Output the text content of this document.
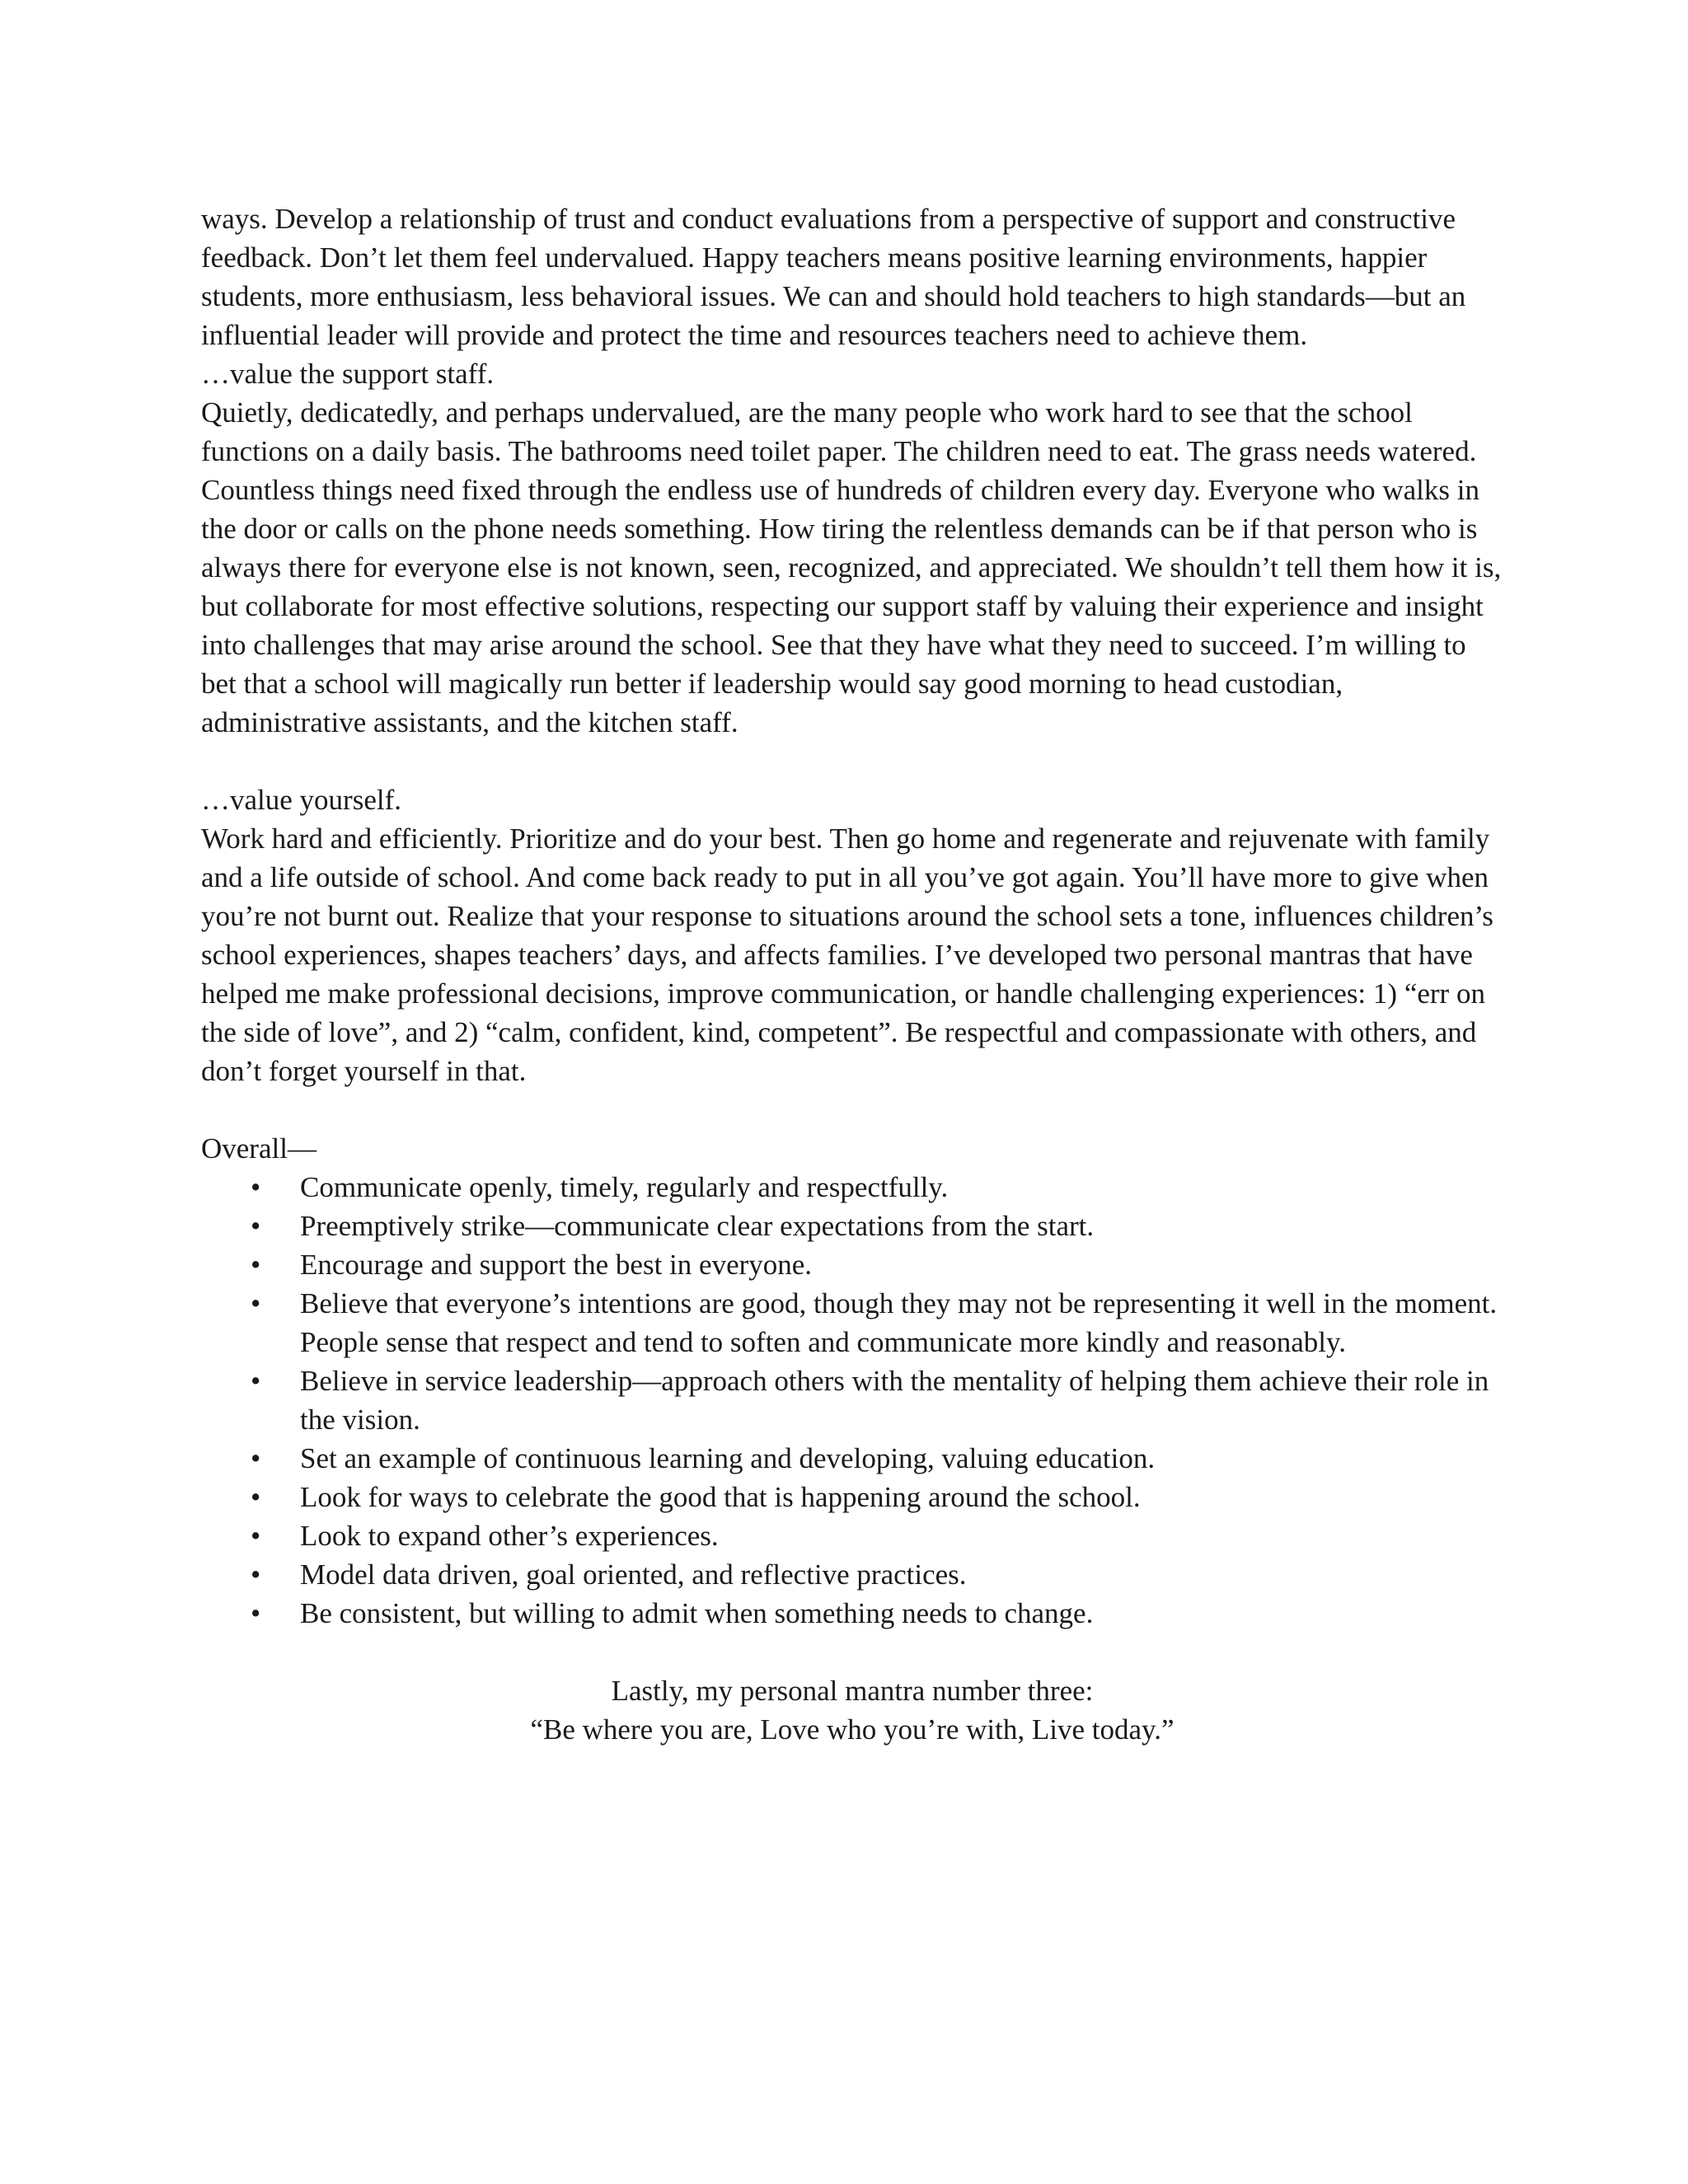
ways. Develop a relationship of trust and conduct evaluations from a perspective of support and constructive feedback. Don’t let them feel undervalued. Happy teachers means positive learning environments, happier students, more enthusiasm, less behavioral issues. We can and should hold teachers to high standards—but an influential leader will provide and protect the time and resources teachers need to achieve them.

…value the support staff.

Quietly, dedicatedly, and perhaps undervalued, are the many people who work hard to see that the school functions on a daily basis. The bathrooms need toilet paper. The children need to eat. The grass needs watered. Countless things need fixed through the endless use of hundreds of children every day. Everyone who walks in the door or calls on the phone needs something. How tiring the relentless demands can be if that person who is always there for everyone else is not known, seen, recognized, and appreciated. We shouldn’t tell them how it is, but collaborate for most effective solutions, respecting our support staff by valuing their experience and insight into challenges that may arise around the school. See that they have what they need to succeed. I’m willing to bet that a school will magically run better if leadership would say good morning to head custodian, administrative assistants, and the kitchen staff.

…value yourself.

Work hard and efficiently. Prioritize and do your best. Then go home and regenerate and rejuvenate with family and a life outside of school. And come back ready to put in all you’ve got again. You’ll have more to give when you’re not burnt out. Realize that your response to situations around the school sets a tone, influences children’s school experiences, shapes teachers’ days, and affects families. I’ve developed two personal mantras that have helped me make professional decisions, improve communication, or handle challenging experiences: 1) “err on the side of love”, and 2) “calm, confident, kind, competent”. Be respectful and compassionate with others, and don’t forget yourself in that.

Overall—

• Communicate openly, timely, regularly and respectfully.
• Preemptively strike—communicate clear expectations from the start.
• Encourage and support the best in everyone.
• Believe that everyone’s intentions are good, though they may not be representing it well in the moment. People sense that respect and tend to soften and communicate more kindly and reasonably.
• Believe in service leadership—approach others with the mentality of helping them achieve their role in the vision.
• Set an example of continuous learning and developing, valuing education.
• Look for ways to celebrate the good that is happening around the school.
• Look to expand other’s experiences.
• Model data driven, goal oriented, and reflective practices.
• Be consistent, but willing to admit when something needs to change.

Lastly, my personal mantra number three:

“Be where you are, Love who you’re with, Live today.”
